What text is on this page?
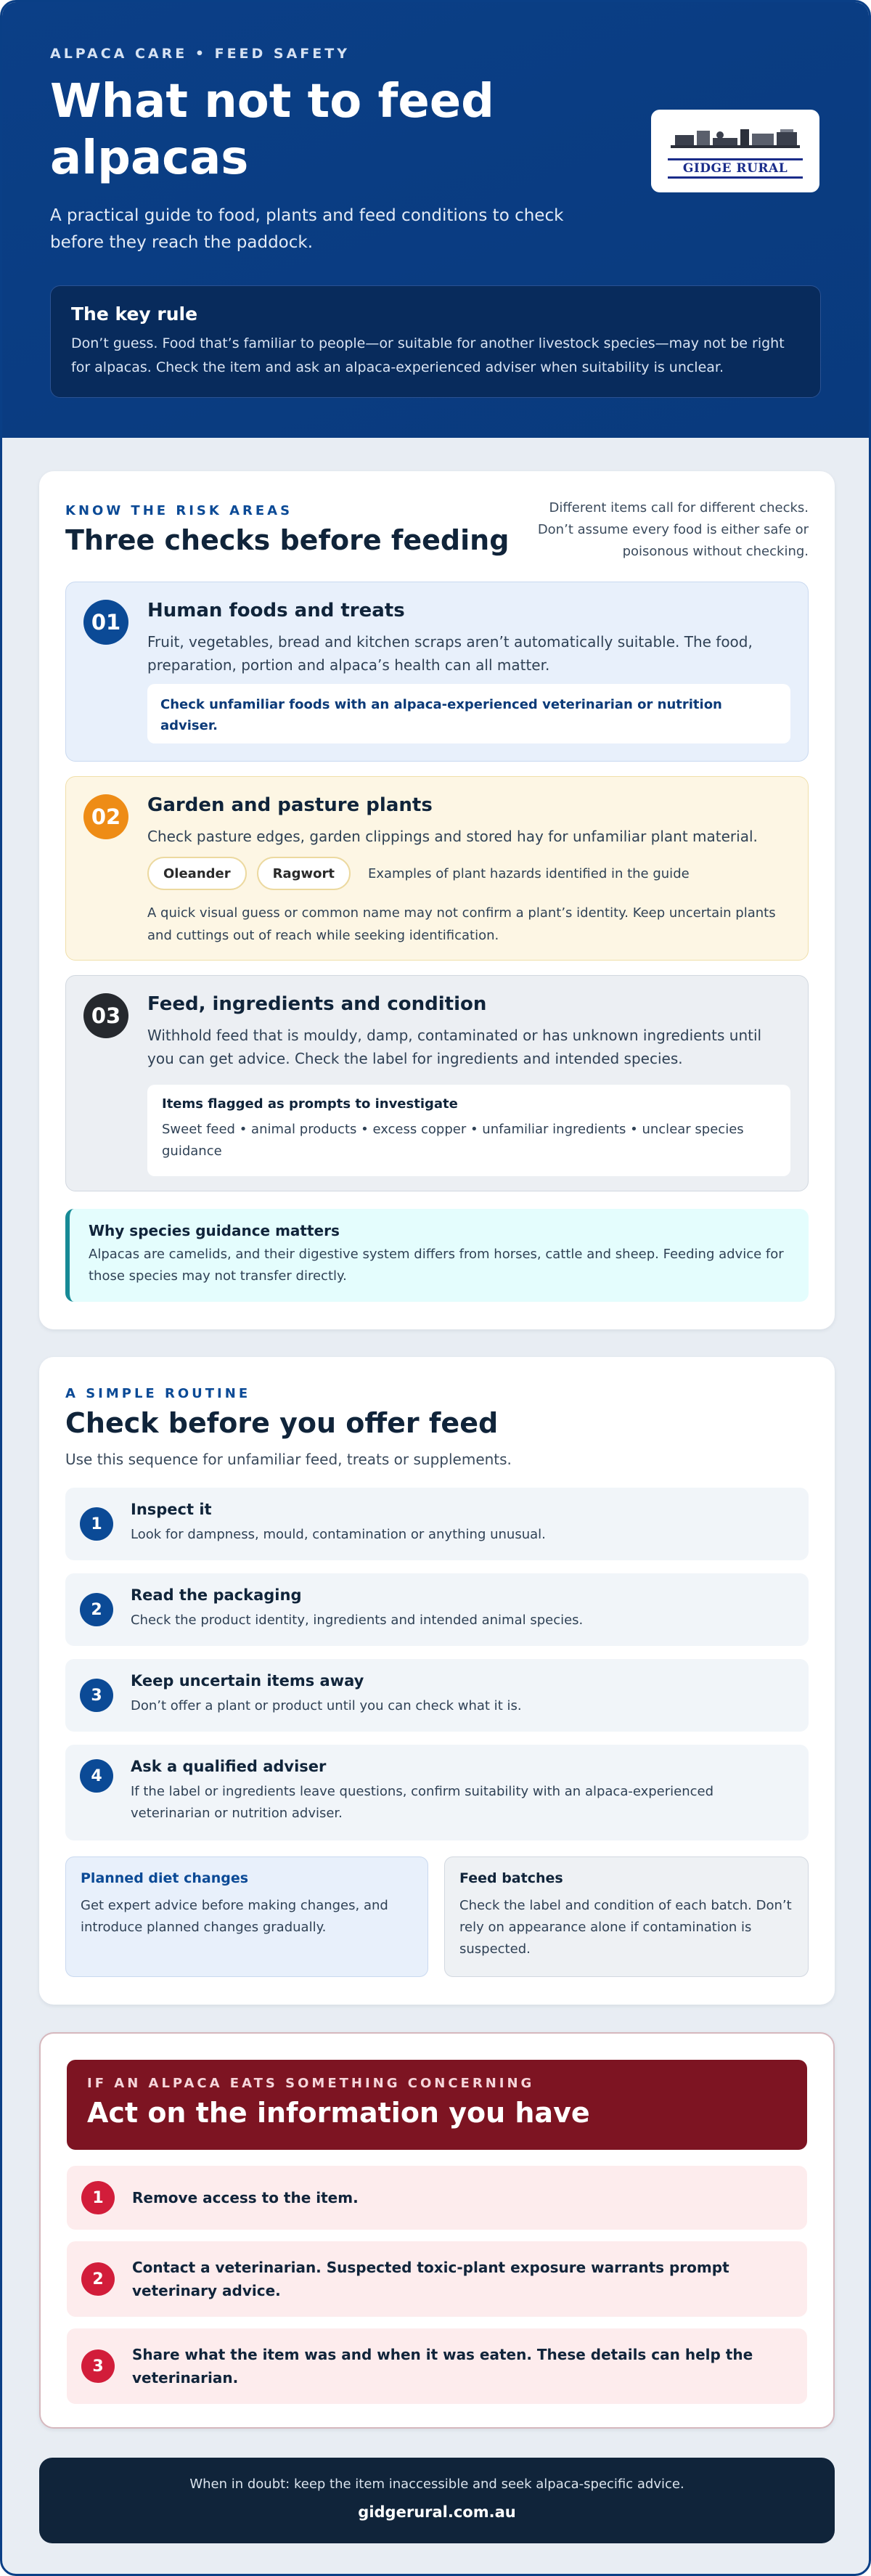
ALPACA CARE • FEED SAFETY
What not to feed alpacas

A practical guide to food, plants and feed conditions to check before they reach the paddock.

GIDGE RURAL
The key rule

Don’t guess. Food that’s familiar to people—or suitable for another livestock species—may not be right for alpacas. Check the item and ask an alpaca-experienced adviser when suitability is unclear.

KNOW THE RISK AREAS
Three checks before feeding

Different items call for different checks. Don’t assume every food is either safe or poisonous without checking.

01	Human foods and treats

Fruit, vegetables, bread and kitchen scraps aren’t automatically suitable. The food, preparation, portion and alpaca’s health can all matter.

Check unfamiliar foods with an alpaca-experienced veterinarian or nutrition adviser.
02	Garden and pasture plants

Check pasture edges, garden clippings and stored hay for unfamiliar plant material.

Oleander	Ragwort	Examples of plant hazards identified in the guide

A quick visual guess or common name may not confirm a plant’s identity. Keep uncertain plants and cuttings out of reach while seeking identification.

03	Feed, ingredients and condition

Withhold feed that is mouldy, damp, contaminated or has unknown ingredients until you can get advice. Check the label for ingredients and intended species.

Items flagged as prompts to investigate

Sweet feed • animal products • excess copper • unfamiliar ingredients • unclear species guidance

Why species guidance matters

Alpacas are camelids, and their digestive system differs from horses, cattle and sheep. Feeding advice for those species may not transfer directly.

A SIMPLE ROUTINE
Check before you offer feed

Use this sequence for unfamiliar feed, treats or supplements.

1
Inspect it
Look for dampness, mould, contamination or anything unusual.
2
Read the packaging
Check the product identity, ingredients and intended animal species.
3
Keep uncertain items away
Don’t offer a plant or product until you can check what it is.
4
Ask a qualified adviser
If the label or ingredients leave questions, confirm suitability with an alpaca-experienced veterinarian or nutrition adviser.
Planned diet changes

Get expert advice before making changes, and introduce planned changes gradually.

Feed batches

Check the label and condition of each batch. Don’t rely on appearance alone if contamination is suspected.

IF AN ALPACA EATS SOMETHING CONCERNING
Act on the information you have
1	Remove access to the item.
2
Contact a veterinarian. Suspected toxic-plant exposure warrants prompt veterinary advice.
3
Share what the item was and when it was eaten. These details can help the veterinarian.
When in doubt: keep the item inaccessible and seek alpaca-specific advice.
gidgerural.com.au
